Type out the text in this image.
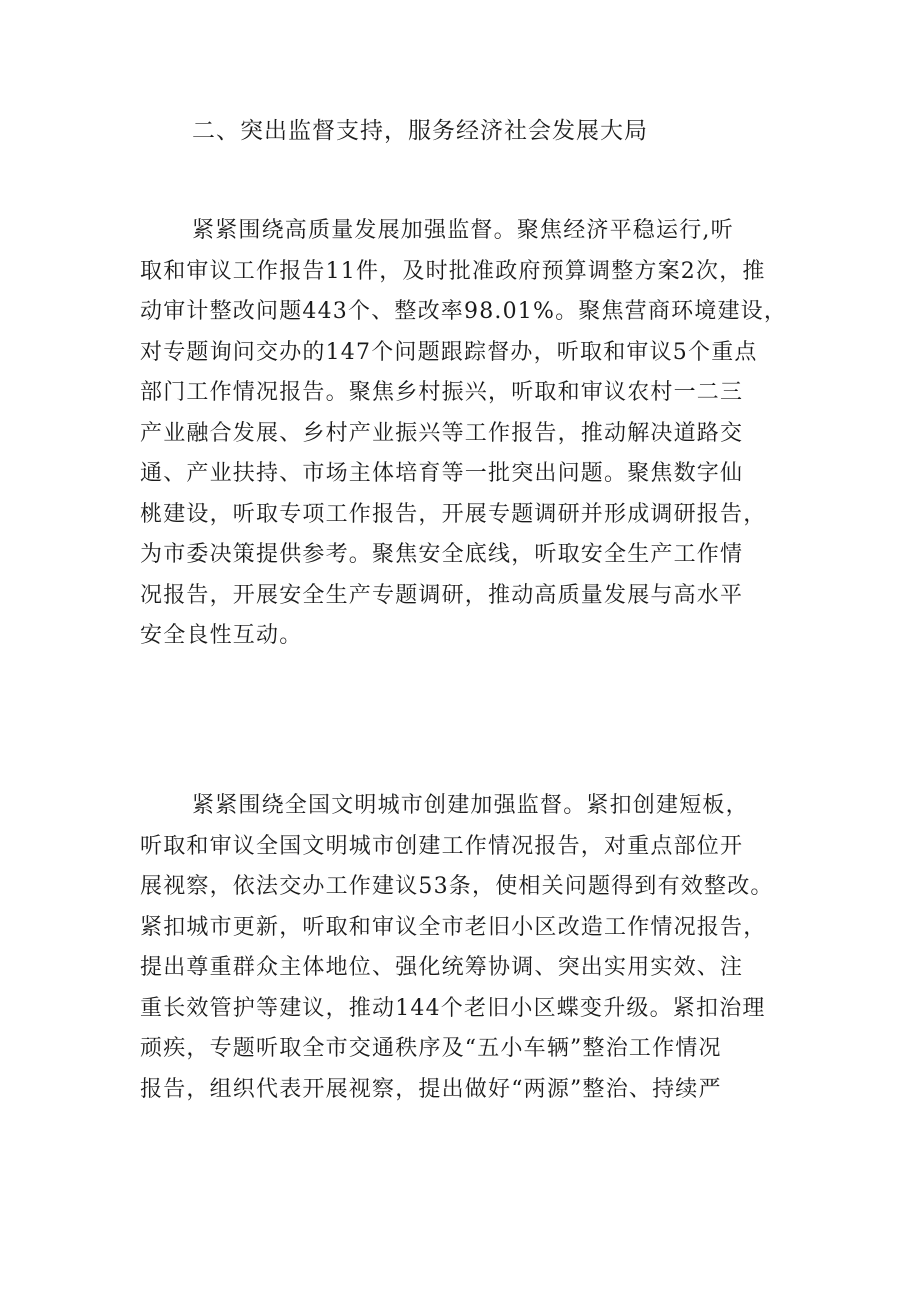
二、突出监督支持，服务经济社会发展大局
紧紧围绕高质量发展加强监督。聚焦经济平稳运行,听
取和审议工作报告11件，及时批准政府预算调整方案2次，推
动审计整改问题443个、整改率98.01%。聚焦营商环境建设，
对专题询问交办的147个问题跟踪督办，听取和审议5个重点
部门工作情况报告。聚焦乡村振兴，听取和审议农村一二三
产业融合发展、乡村产业振兴等工作报告，推动解决道路交
通、产业扶持、市场主体培育等一批突出问题。聚焦数字仙
桃建设，听取专项工作报告，开展专题调研并形成调研报告，
为市委决策提供参考。聚焦安全底线，听取安全生产工作情
况报告，开展安全生产专题调研，推动高质量发展与高水平
安全良性互动。
紧紧围绕全国文明城市创建加强监督。紧扣创建短板，
听取和审议全国文明城市创建工作情况报告，对重点部位开
展视察，依法交办工作建议53条，使相关问题得到有效整改。
紧扣城市更新，听取和审议全市老旧小区改造工作情况报告，
提出尊重群众主体地位、强化统筹协调、突出实用实效、注
重长效管护等建议，推动144个老旧小区蝶变升级。紧扣治理
顽疾，专题听取全市交通秩序及“五小车辆”整治工作情况
报告，组织代表开展视察，提出做好“两源”整治、持续严
